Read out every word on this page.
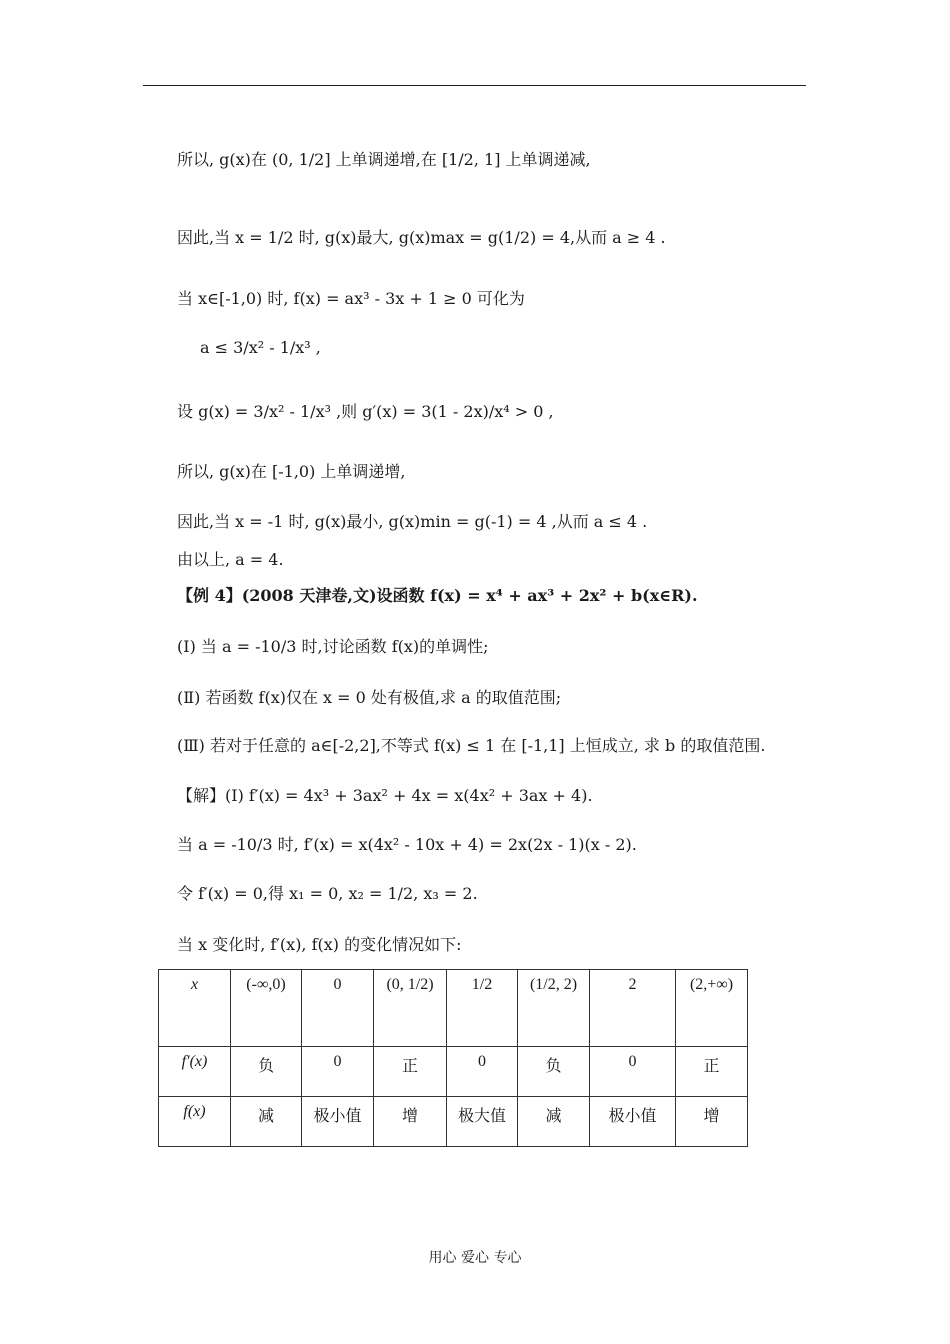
所以, g(x)在 (0, 1/2] 上单调递增,在 [1/2, 1] 上单调递减,
因此,当 x = 1/2 时, g(x)最大, g(x)max = g(1/2) = 4,从而 a ≥ 4 .
当 x∈[-1,0) 时, f(x) = ax³ - 3x + 1 ≥ 0 可化为
a ≤ 3/x² - 1/x³ ,
设 g(x) = 3/x² - 1/x³ ,则 g′(x) = 3(1 - 2x)/x⁴ > 0 ,
所以, g(x)在 [-1,0) 上单调递增,
因此,当 x = -1 时, g(x)最小, g(x)min = g(-1) = 4 ,从而 a ≤ 4 .
由以上, a = 4.
【例 4】(2008 天津卷,文)设函数 f(x) = x⁴ + ax³ + 2x² + b(x∈R).
(Ⅰ) 当 a = -10/3 时,讨论函数 f(x)的单调性;
(Ⅱ) 若函数 f(x)仅在 x = 0 处有极值,求 a 的取值范围;
(Ⅲ) 若对于任意的 a∈[-2,2],不等式 f(x) ≤ 1 在 [-1,1] 上恒成立, 求 b 的取值范围.
【解】(Ⅰ) f′(x) = 4x³ + 3ax² + 4x = x(4x² + 3ax + 4).
当 a = -10/3 时, f′(x) = x(4x² - 10x + 4) = 2x(2x - 1)(x - 2).
令 f′(x) = 0,得 x₁ = 0, x₂ = 1/2, x₃ = 2.
当 x 变化时, f′(x), f(x) 的变化情况如下:
x	(-∞,0)	0	(0, 1/2)	1/2	(1/2, 2)	2	(2,+∞)
f′(x)	负	0	正	0	负	0	正
f(x)	减	极小值	增	极大值	减	极小值	增
用心 爱心 专心
